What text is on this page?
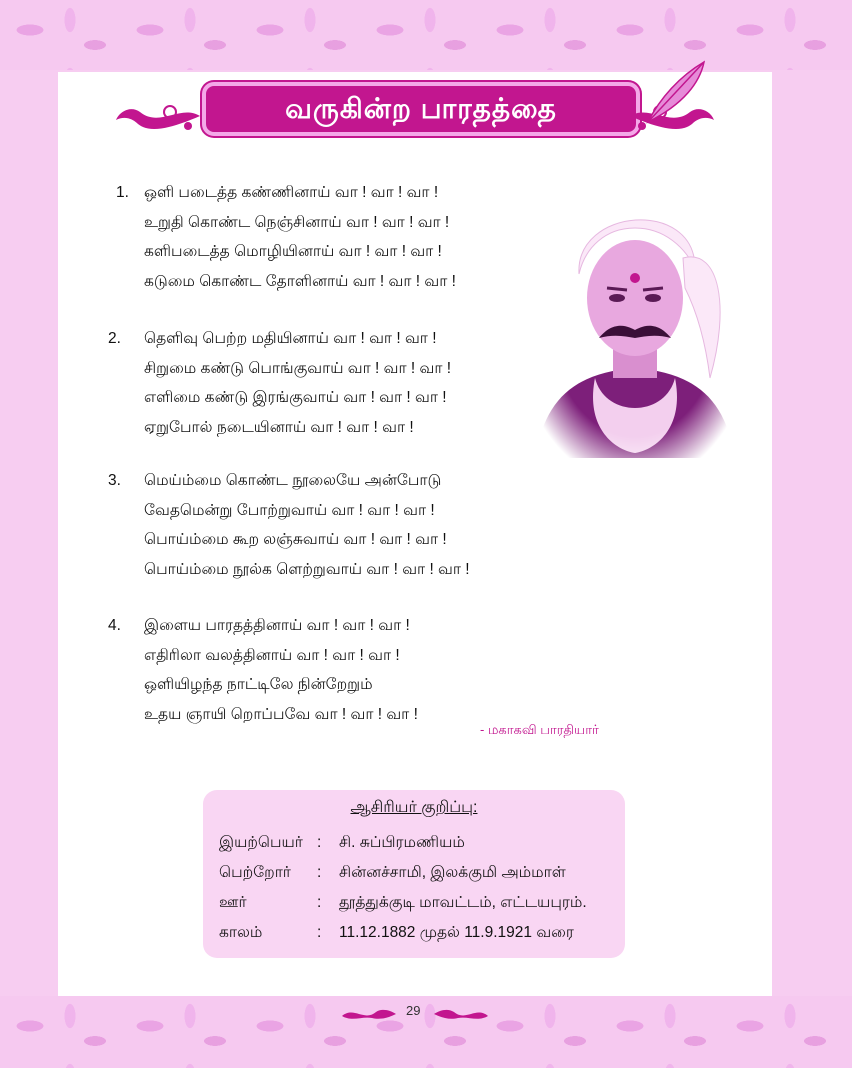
வருகின்ற பாரதத்தை வாழ்த்துதல்
1. ஒளி படைத்த கண்ணினாய் வா ! வா ! வா !
உறுதி கொண்ட நெஞ்சினாய் வா ! வா ! வா !
களிபடைத்த மொழியினாய் வா ! வா ! வா !
கடுமை கொண்ட தோளினாய் வா ! வா ! வா !
2.	தெளிவு பெற்ற மதியினாய் வா ! வா ! வா !
சிறுமை கண்டு பொங்குவாய் வா ! வா ! வா !
எளிமை கண்டு இரங்குவாய் வா ! வா ! வா !
ஏறுபோல் நடையினாய் வா ! வா ! வா !
3.	மெய்ம்மை கொண்ட நூலையே அன்போடு
வேதமென்று போற்றுவாய் வா ! வா ! வா !
பொய்ம்மை கூற லஞ்சுவாய் வா ! வா ! வா !
பொய்ம்மை நூல்க ளெற்றுவாய் வா ! வா ! வா !
4.	இளைய பாரதத்தினாய் வா ! வா ! வா !
எதிரிலா வலத்தினாய் வா ! வா ! வா !
ஒளியிழந்த நாட்டிலே நின்றேறும்
உதய ஞாயி றொப்பவே வா ! வா ! வா !
- மகாகவி பாரதியார்
ஆசிரியர் குறிப்பு:
இயற்பெயர் : சி. சுப்பிரமணியம்
பெற்றோர் : சின்னச்சாமி, இலக்குமி அம்மாள்
ஊர்	: தூத்துக்குடி மாவட்டம், எட்டயபுரம்.
காலம்	: 11.12.1882 முதல் 11.9.1921 வரை
29
